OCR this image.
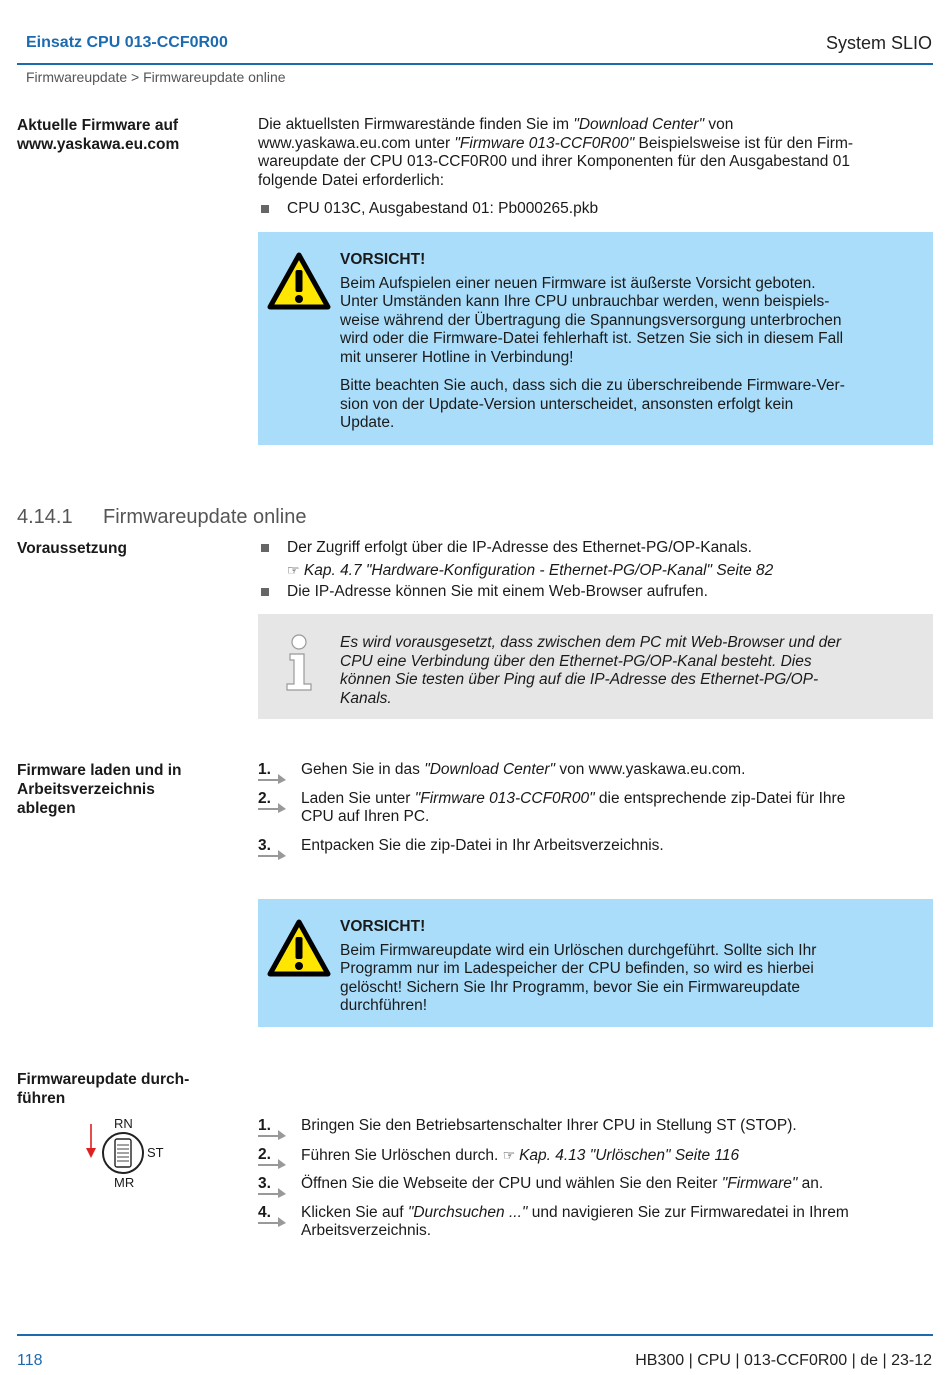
Einsatz CPU 013-CCF0R00	System SLIO
Firmwareupdate > Firmwareupdate online
Aktuelle Firmware auf
www.yaskawa.eu.com

Die aktuellsten Firmwarestände finden Sie im "Download Center" von

www.yaskawa.eu.com unter "Firmware 013-CCF0R00" Beispielsweise ist für den Firm-

wareupdate der CPU 013-CCF0R00 und ihrer Komponenten für den Ausgabestand 01

folgende Datei erforderlich:

CPU 013C, Ausgabestand 01: Pb000265.pkb
VORSICHT!
Beim Aufspielen einer neuen Firmware ist äußerste Vorsicht geboten.
Unter Umständen kann Ihre CPU unbrauchbar werden, wenn beispiels-
weise während der Übertragung die Spannungsversorgung unterbrochen
wird oder die Firmware-Datei fehlerhaft ist. Setzen Sie sich in diesem Fall
mit unserer Hotline in Verbindung!
Bitte beachten Sie auch, dass sich die zu überschreibende Firmware-Ver-
sion von der Update-Version unterscheidet, ansonsten erfolgt kein
Update.
4.14.1 Firmwareupdate online
Voraussetzung	Der Zugriff erfolgt über die IP-Adresse des Ethernet-PG/OP-Kanals.
☞ Kap. 4.7 "Hardware-Konfiguration - Ethernet-PG/OP-Kanal" Seite 82
Die IP-Adresse können Sie mit einem Web-Browser aufrufen.
Es wird vorausgesetzt, dass zwischen dem PC mit Web-Browser und der
CPU eine Verbindung über den Ethernet-PG/OP-Kanal besteht. Dies
können Sie testen über Ping auf die IP-Adresse des Ethernet-PG/OP-
Kanals.
Firmware laden und in
Arbeitsverzeichnis
ablegen
1.	Gehen Sie in das "Download Center" von www.yaskawa.eu.com.
2.	Laden Sie unter "Firmware 013-CCF0R00" die entsprechende zip-Datei für Ihre
CPU auf Ihren PC.
3.	Entpacken Sie die zip-Datei in Ihr Arbeitsverzeichnis.
VORSICHT!
Beim Firmwareupdate wird ein Urlöschen durchgeführt. Sollte sich Ihr
Programm nur im Ladespeicher der CPU befinden, so wird es hierbei
gelöscht! Sichern Sie Ihr Programm, bevor Sie ein Firmwareupdate
durchführen!
Firmwareupdate durch-
führen
RN
ST
MR
1.	Bringen Sie den Betriebsartenschalter Ihrer CPU in Stellung ST (STOP).
2.	Führen Sie Urlöschen durch. ☞ Kap. 4.13 "Urlöschen" Seite 116
3.	Öffnen Sie die Webseite der CPU und wählen Sie den Reiter "Firmware" an.
4.	Klicken Sie auf "Durchsuchen ..." und navigieren Sie zur Firmwaredatei in Ihrem
Arbeitsverzeichnis.
118	HB300 | CPU | 013-CCF0R00 | de | 23-12
